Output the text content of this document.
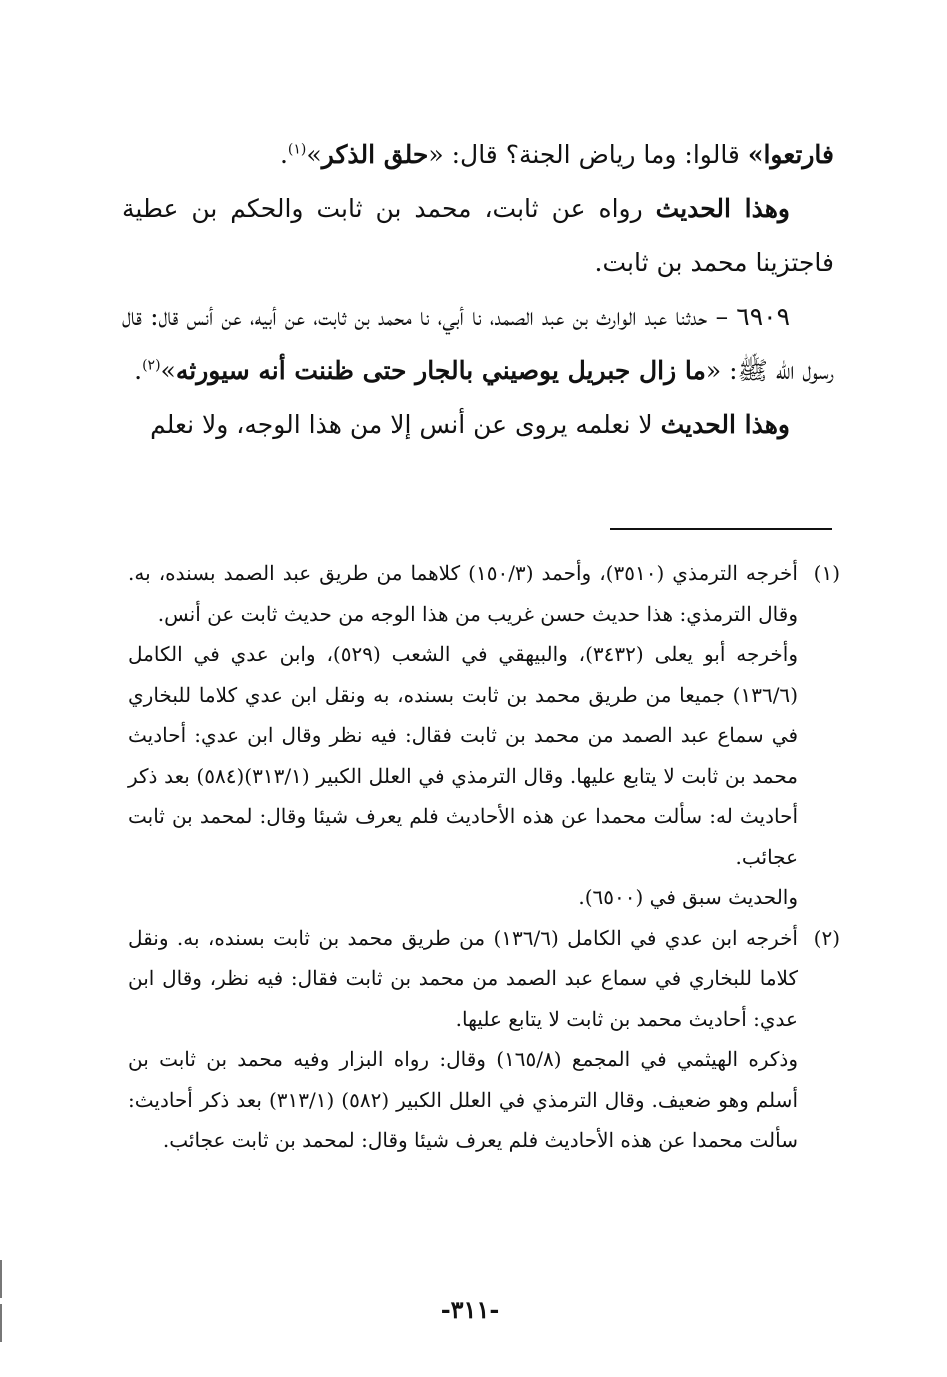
فارتعوا» قالوا: وما رياض الجنة؟ قال: «حلق الذكر»$^{(١)}$.

وهذا الحديث رواه عن ثابت، محمد بن ثابت والحكم بن عطية فاجتزينا محمد بن ثابت.

٦٩٠٩ – حدثنا عبد الوارث بن عبد الصمد، نا أبي، نا محمد بن ثابت، عن أبيه، عن أنس قال: قال رسول الله ﷺ: «ما زال جبريل يوصيني بالجار حتى ظننت أنه سيورثه»$^{(٢)}$.

وهذا الحديث لا نعلمه يروى عن أنس إلا من هذا الوجه، ولا نعلم

(١)

أخرجه الترمذي (٣٥١٠)، وأحمد (١٥٠/٣) كلاهما من طريق عبد الصمد بسنده، به. وقال الترمذي: هذا حديث حسن غريب من هذا الوجه من حديث ثابت عن أنس.

وأخرجه أبو يعلى (٣٤٣٢)، والبيهقي في الشعب (٥٢٩)، وابن عدي في الكامل (١٣٦/٦) جميعا من طريق محمد بن ثابت بسنده، به ونقل ابن عدي كلاما للبخاري في سماع عبد الصمد من محمد بن ثابت فقال: فيه نظر وقال ابن عدي: أحاديث محمد بن ثابت لا يتابع عليها. وقال الترمذي في العلل الكبير (٣١٣/١)(٥٨٤) بعد ذكر أحاديث له: سألت محمدا عن هذه الأحاديث فلم يعرف شيئا وقال: لمحمد بن ثابت عجائب.

والحديث سبق في (٦٥٠٠).

(٢)

أخرجه ابن عدي في الكامل (١٣٦/٦) من طريق محمد بن ثابت بسنده، به. ونقل كلاما للبخاري في سماع عبد الصمد من محمد بن ثابت فقال: فيه نظر، وقال ابن عدي: أحاديث محمد بن ثابت لا يتابع عليها.

وذكره الهيثمي في المجمع (١٦٥/٨) وقال: رواه البزار وفيه محمد بن ثابت بن أسلم وهو ضعيف. وقال الترمذي في العلل الكبير (٥٨٢) (٣١٣/١) بعد ذكر أحاديث: سألت محمدا عن هذه الأحاديث فلم يعرف شيئا وقال: لمحمد بن ثابت عجائب.

-٣١١-
